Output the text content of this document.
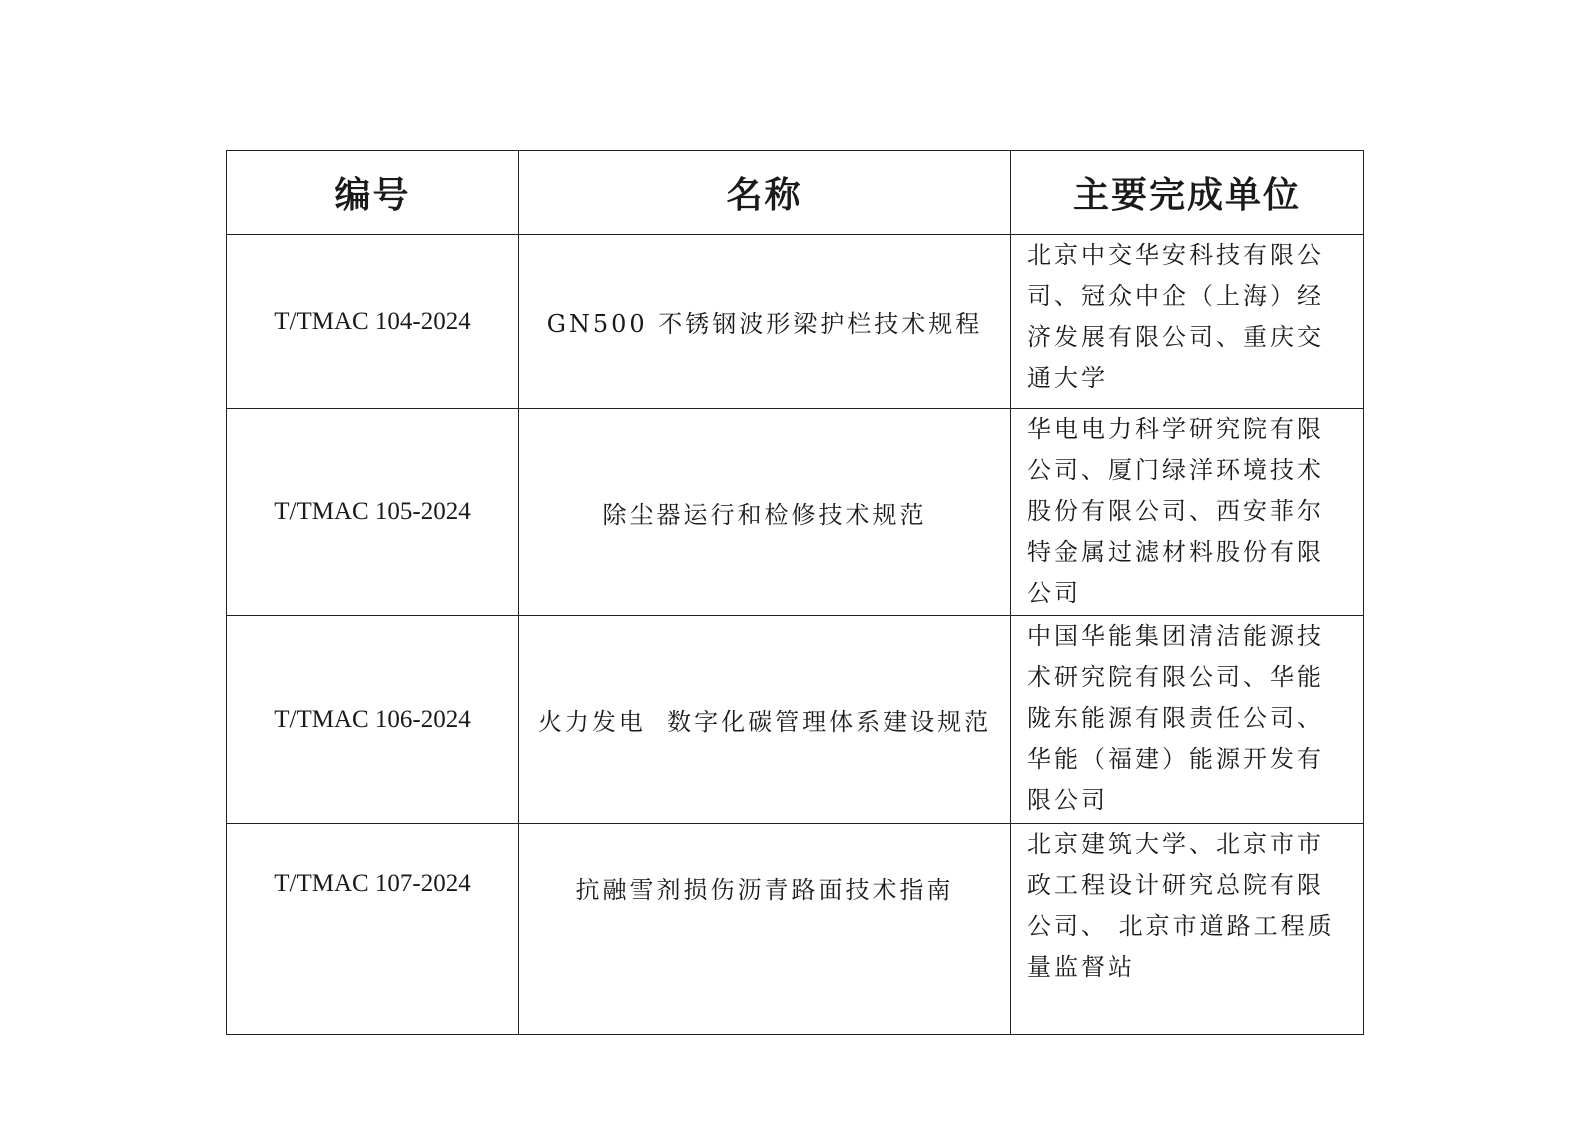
编号	名称	主要完成单位
T/TMAC 104-2024	GN500 不锈钢波形梁护栏技术规程	北京中交华安科技有限公司、冠众中企（上海）经济发展有限公司、重庆交通大学

T/TMAC 105-2024	除尘器运行和检修技术规范	华电电力科学研究院有限公司、厦门绿洋环境技术股份有限公司、西安菲尔特金属过滤材料股份有限公司

T/TMAC 106-2024	火力发电  数字化碳管理体系建设规范	中国华能集团清洁能源技术研究院有限公司、华能陇东能源有限责任公司、华能（福建）能源开发有限公司

T/TMAC 107-2024	抗融雪剂损伤沥青路面技术指南	北京建筑大学、北京市市政工程设计研究总院有限公司、 北京市道路工程质量监督站
